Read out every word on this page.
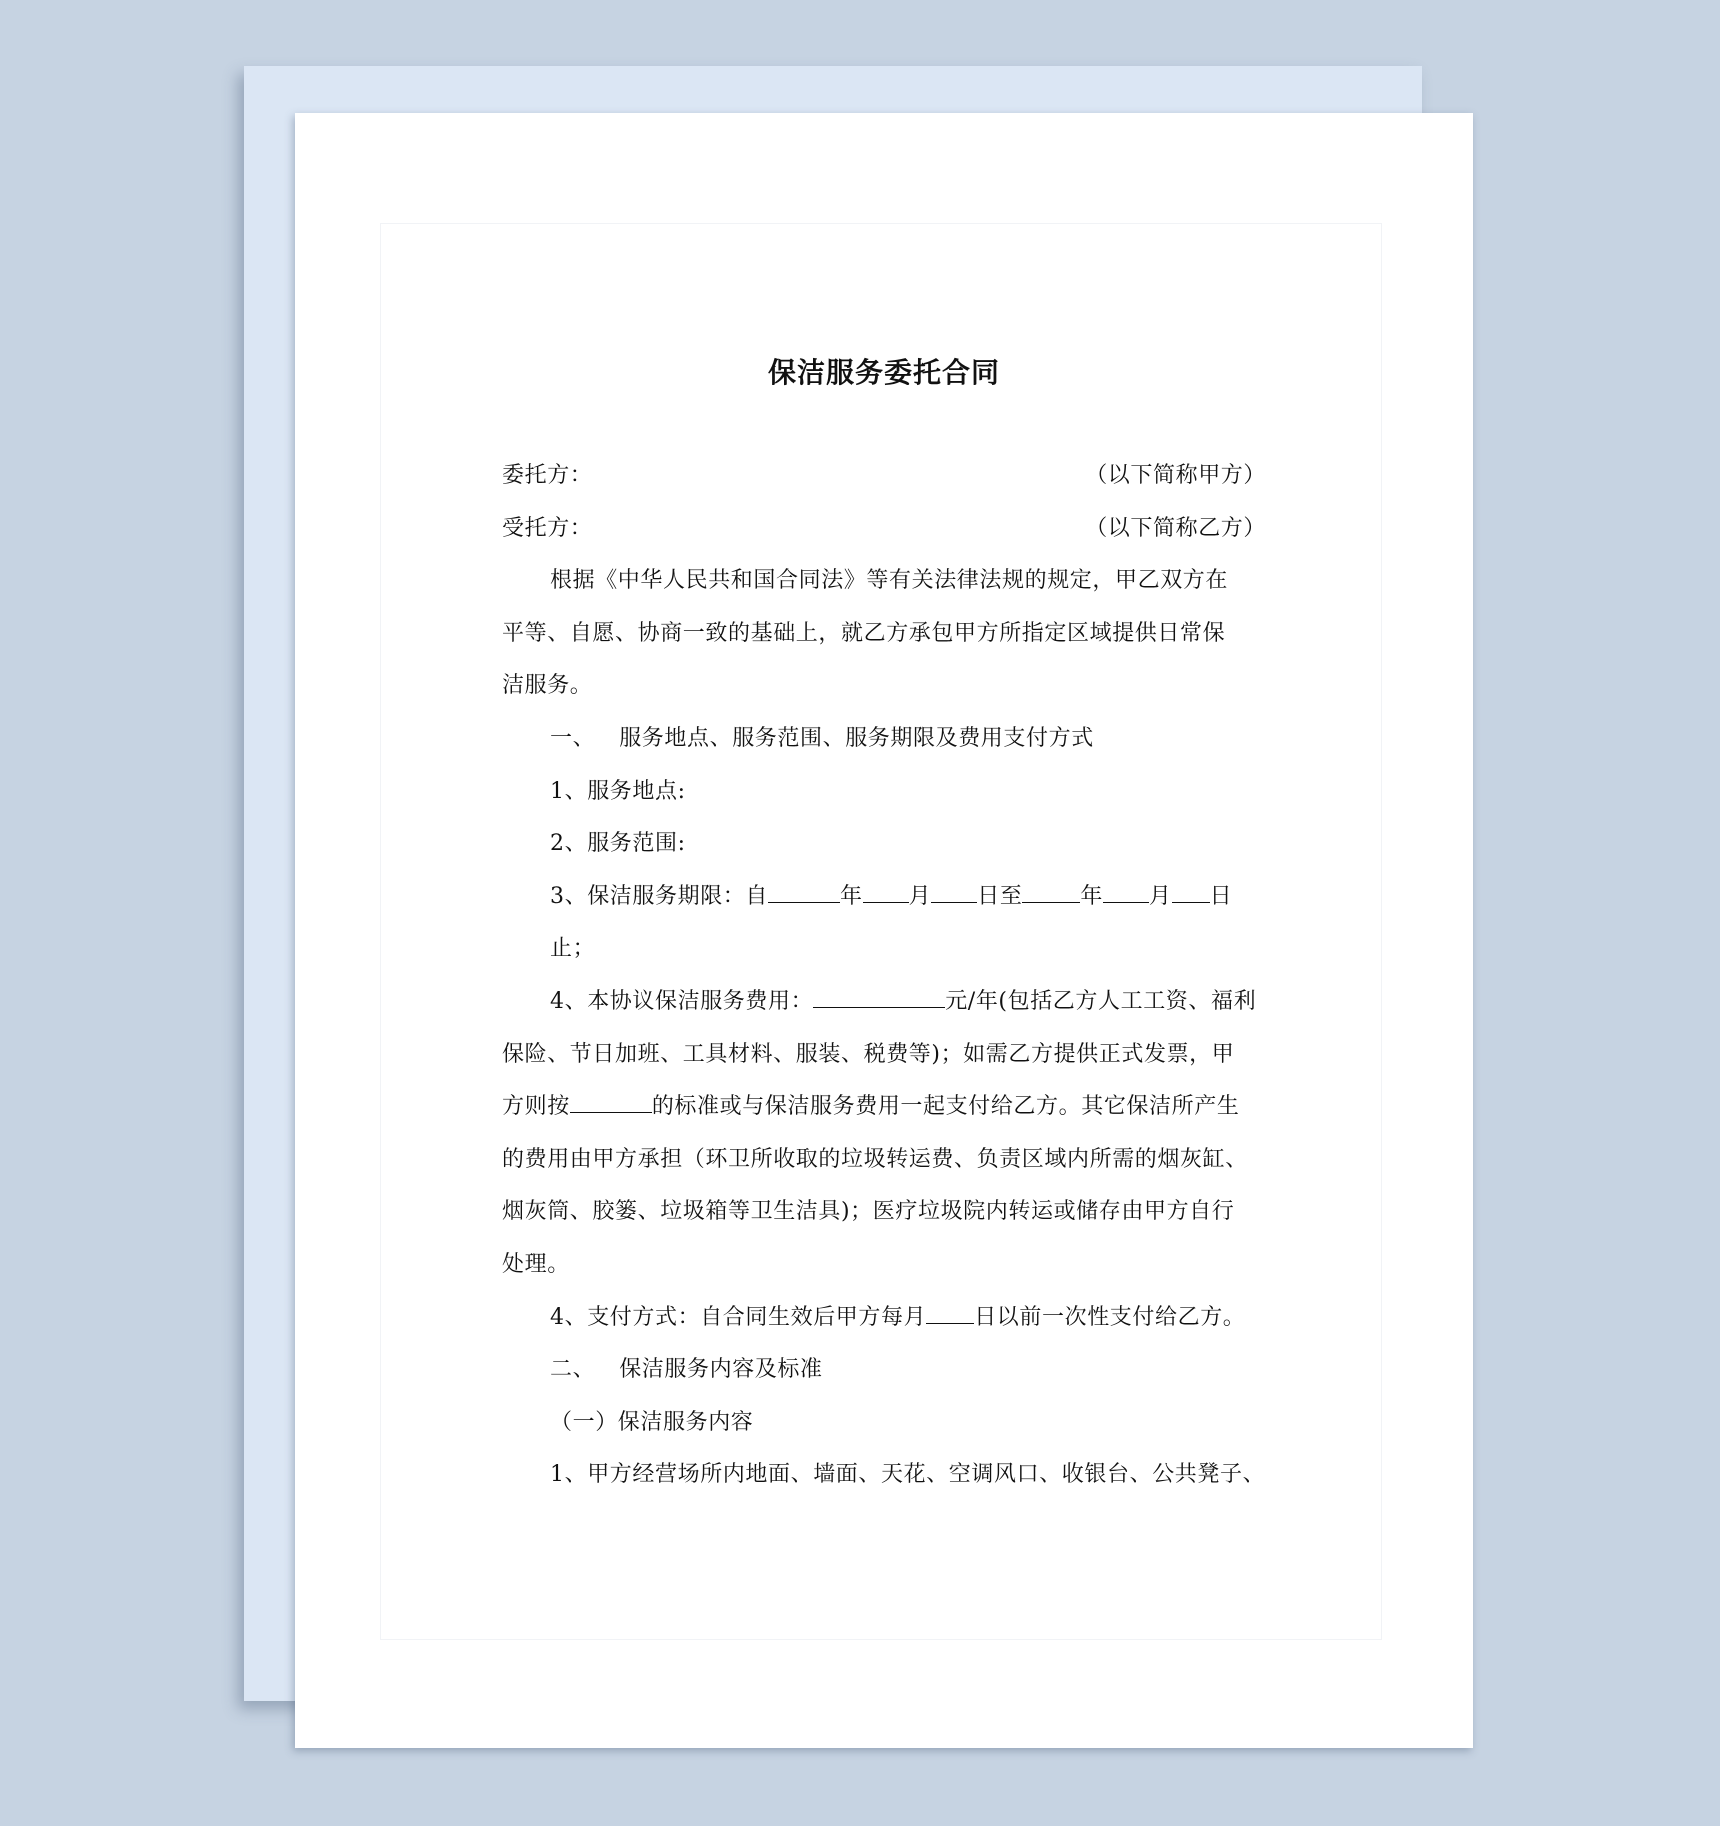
保洁服务委托合同
委托方：	（以下简称甲方）
受托方：	（以下简称乙方）
根据《中华人民共和国合同法》等有关法律法规的规定，甲乙双方在
平等、自愿、协商一致的基础上，就乙方承包甲方所指定区域提供日常保
洁服务。
一、 服务地点、服务范围、服务期限及费用支付方式
1、服务地点:
2、服务范围:
3、保洁服务期限：自	年 月 日至	年 月 日
止；
4、本协议保洁服务费用：	元/年(包括乙方人工工资、福利
保险、节日加班、工具材料、服装、税费等)；如需乙方提供正式发票，甲
方则按	的标准或与保洁服务费用一起支付给乙方。其它保洁所产生
的费用由甲方承担（环卫所收取的垃圾转运费、负责区域内所需的烟灰缸、
烟灰筒、胶篓、垃圾箱等卫生洁具)；医疗垃圾院内转运或储存由甲方自行
处理。
4、支付方式：自合同生效后甲方每月 日以前一次性支付给乙方。
二、 保洁服务内容及标准
（一）保洁服务内容
1、甲方经营场所内地面、墙面、天花、空调风口、收银台、公共凳子、
